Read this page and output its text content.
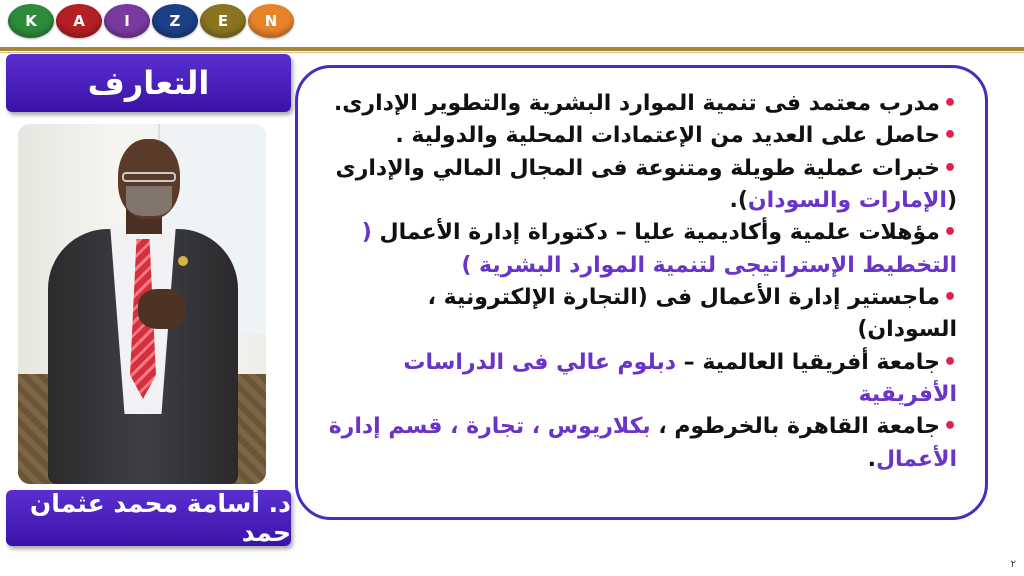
K	A	I	Z	E	N
التعارف
د. أسامة محمد عثمان حمد
•مدرب معتمد فى تنمية الموارد البشرية والتطوير الإدارى.
•حاصل على العديد من الإعتمادات المحلية والدولية .
•خبرات عملية طويلة ومتنوعة فى المجال المالي والإدارى (الإمارات والسودان).
•مؤهلات علمية وأكاديمية عليا – دكتوراة إدارة الأعمال ( التخطيط الإستراتيجى لتنمية الموارد البشرية )
•ماجستير إدارة الأعمال فى (التجارة الإلكترونية ، السودان)
•جامعة أفريقيا العالمية – دبلوم عالي فى الدراسات الأفريقية
•جامعة القاهرة بالخرطوم ، بكلاريوس ، تجارة ، قسم إدارة الأعمال.
٢
